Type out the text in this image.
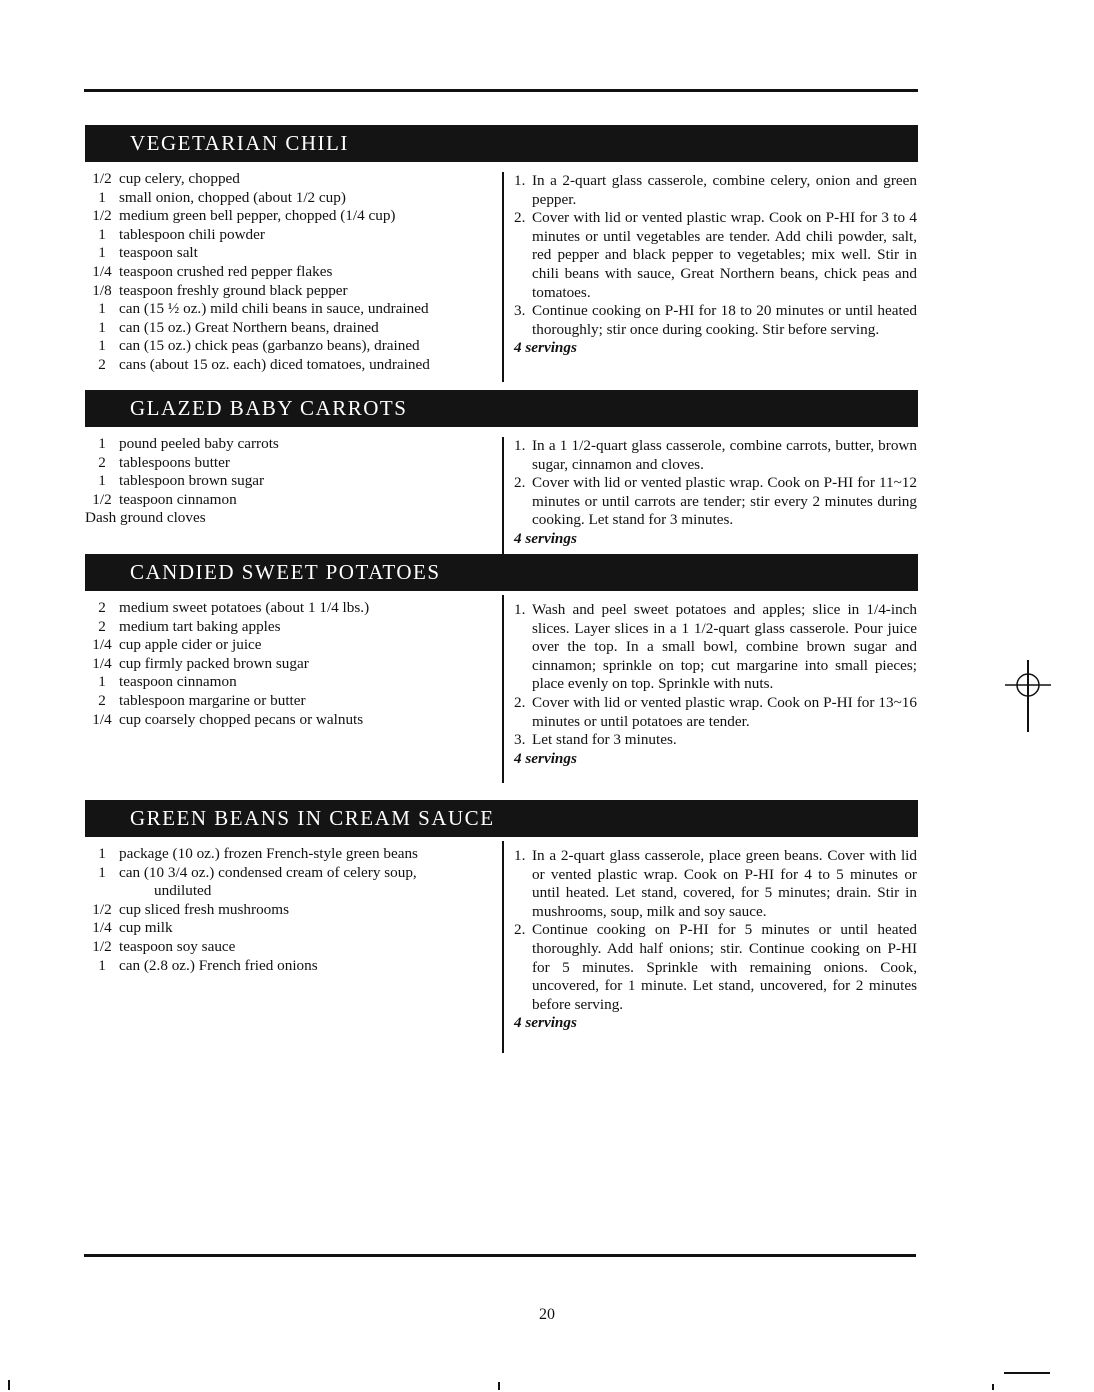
VEGETARIAN CHILI
1/2 cup celery, chopped
1 small onion, chopped (about 1/2 cup)
1/2 medium green bell pepper, chopped (1/4 cup)
1 tablespoon chili powder
1 teaspoon salt
1/4 teaspoon crushed red pepper flakes
1/8 teaspoon freshly ground black pepper
1 can (15 ½ oz.) mild chili beans in sauce, undrained
1 can (15 oz.) Great Northern beans, drained
1 can (15 oz.) chick peas (garbanzo beans), drained
2 cans (about 15 oz. each) diced tomatoes, undrained
1. In a 2-quart glass casserole, combine celery, onion and green pepper.
2. Cover with lid or vented plastic wrap. Cook on P-HI for 3 to 4 minutes or until vegetables are tender. Add chili powder, salt, red pepper and black pepper to vegetables; mix well. Stir in chili beans with sauce, Great Northern beans, chick peas and tomatoes.
3. Continue cooking on P-HI for 18 to 20 minutes or until heated thoroughly; stir once during cooking. Stir before serving.
4 servings
GLAZED BABY CARROTS
1 pound peeled baby carrots
2 tablespoons butter
1 tablespoon brown sugar
1/2 teaspoon cinnamon
Dash ground cloves
1. In a 1 1/2-quart glass casserole, combine carrots, butter, brown sugar, cinnamon and cloves.
2. Cover with lid or vented plastic wrap. Cook on P-HI for 11~12 minutes or until carrots are tender; stir every 2 minutes during cooking. Let stand for 3 minutes.
4 servings
CANDIED SWEET POTATOES
2 medium sweet potatoes (about 1 1/4 lbs.)
2 medium tart baking apples
1/4 cup apple cider or juice
1/4 cup firmly packed brown sugar
1 teaspoon cinnamon
2 tablespoon margarine or butter
1/4 cup coarsely chopped pecans or walnuts
1. Wash and peel sweet potatoes and apples; slice in 1/4-inch slices. Layer slices in a 1 1/2-quart glass casserole. Pour juice over the top. In a small bowl, combine brown sugar and cinnamon; sprinkle on top; cut margarine into small pieces; place evenly on top. Sprinkle with nuts.
2. Cover with lid or vented plastic wrap. Cook on P-HI for 13~16 minutes or until potatoes are tender.
3. Let stand for 3 minutes.
4 servings
GREEN BEANS IN CREAM SAUCE
1 package (10 oz.) frozen French-style green beans
1 can (10 3/4 oz.) condensed cream of celery soup,
undiluted
1/2 cup sliced fresh mushrooms
1/4 cup milk
1/2 teaspoon soy sauce
1 can (2.8 oz.) French fried onions
1. In a 2-quart glass casserole, place green beans. Cover with lid or vented plastic wrap. Cook on P-HI for 4 to 5 minutes or until heated. Let stand, covered, for 5 minutes; drain. Stir in mushrooms, soup, milk and soy sauce.
2. Continue cooking on P-HI for 5 minutes or until heated thoroughly. Add half onions; stir. Continue cooking on P-HI for 5 minutes. Sprinkle with remaining onions. Cook, uncovered, for 1 minute. Let stand, uncovered, for 2 minutes before serving.
4 servings
20
